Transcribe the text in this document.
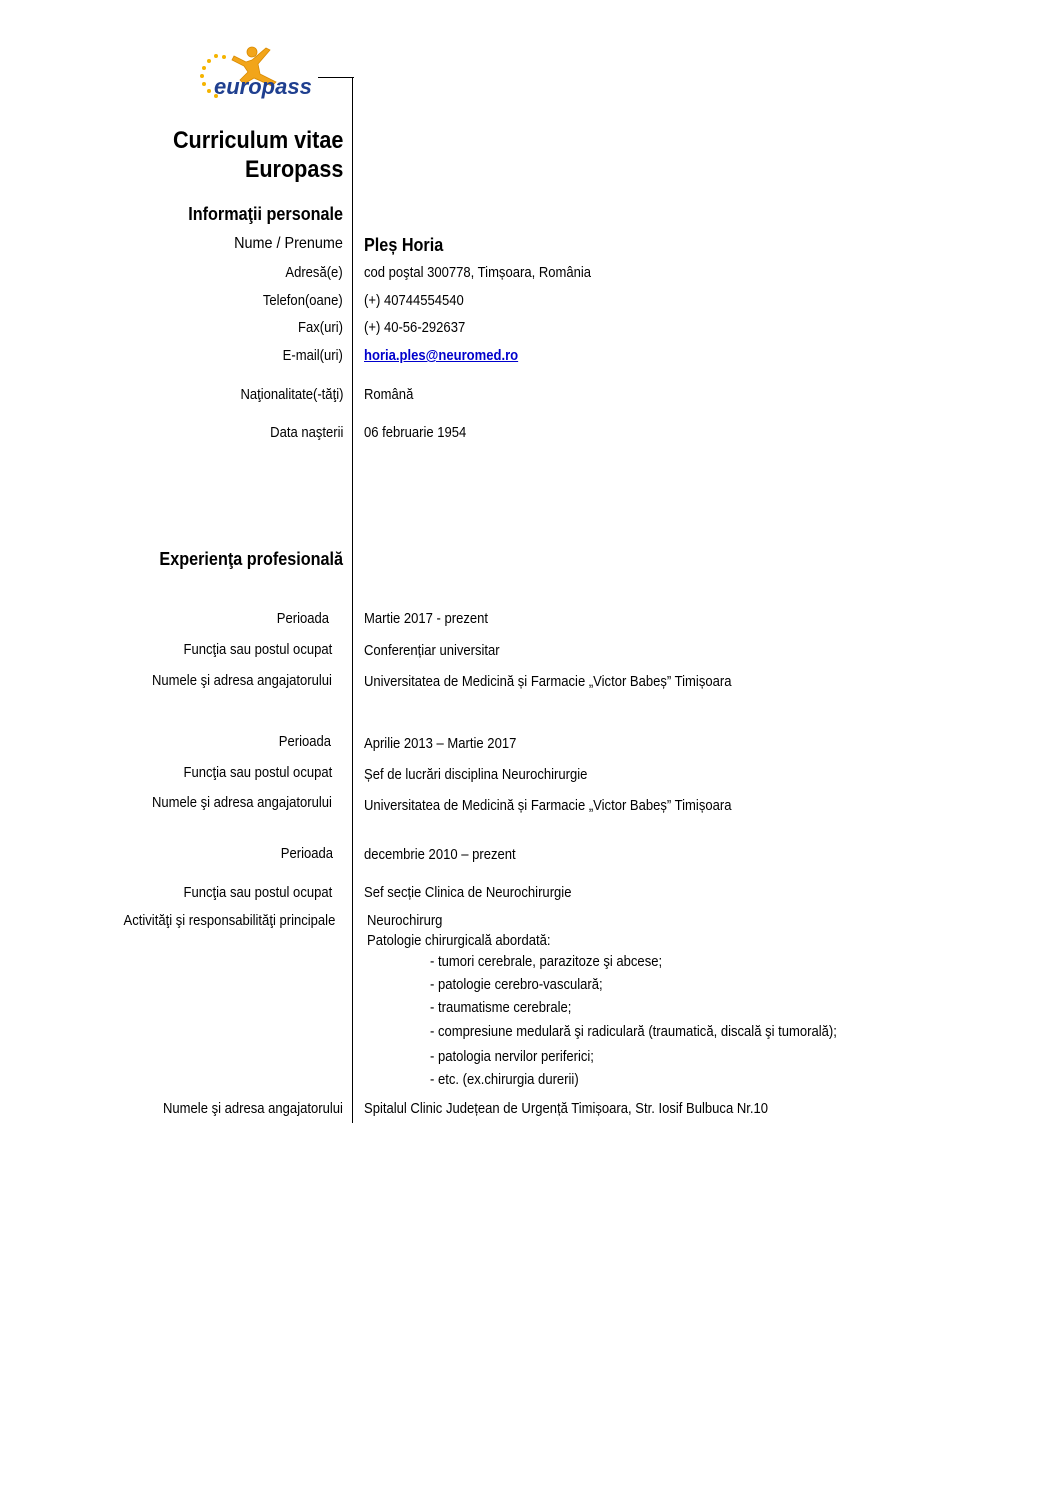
europass
Curriculum vitae
Europass
Informaţii personale
Nume / Prenume Pleș Horia
Adresă(e) cod poştal 300778, Timșoara, România
Telefon(oane) (+) 40744554540
Fax(uri) (+) 40-56-292637
E-mail(uri) horia.ples@neuromed.ro
Naţionalitate(-tăţi) Română
Data naşterii 06 februarie 1954
Experienţa profesională
Perioada Martie 2017 - prezent
Funcţia sau postul ocupat Conferențiar universitar
Numele şi adresa angajatorului Universitatea de Medicină și Farmacie „Victor Babeș” Timișoara
Perioada Aprilie 2013 – Martie 2017
Funcţia sau postul ocupat Șef de lucrări disciplina Neurochirurgie
Numele şi adresa angajatorului Universitatea de Medicină și Farmacie „Victor Babeș” Timișoara
Perioada decembrie 2010 – prezent
Funcţia sau postul ocupat Sef secție Clinica de Neurochirurgie
Activităţi şi responsabilităţi principale Neurochirurg
Patologie chirurgicală abordată:
- tumori cerebrale, parazitoze şi abcese;
- patologie cerebro-vasculară;
- traumatisme cerebrale;
- compresiune medulară şi radiculară (traumatică, discală şi tumorală);
- patologia nervilor periferici;
- etc. (ex.chirurgia durerii)
Numele şi adresa angajatorului Spitalul Clinic Județean de Urgență Timișoara, Str. Iosif Bulbuca Nr.10
